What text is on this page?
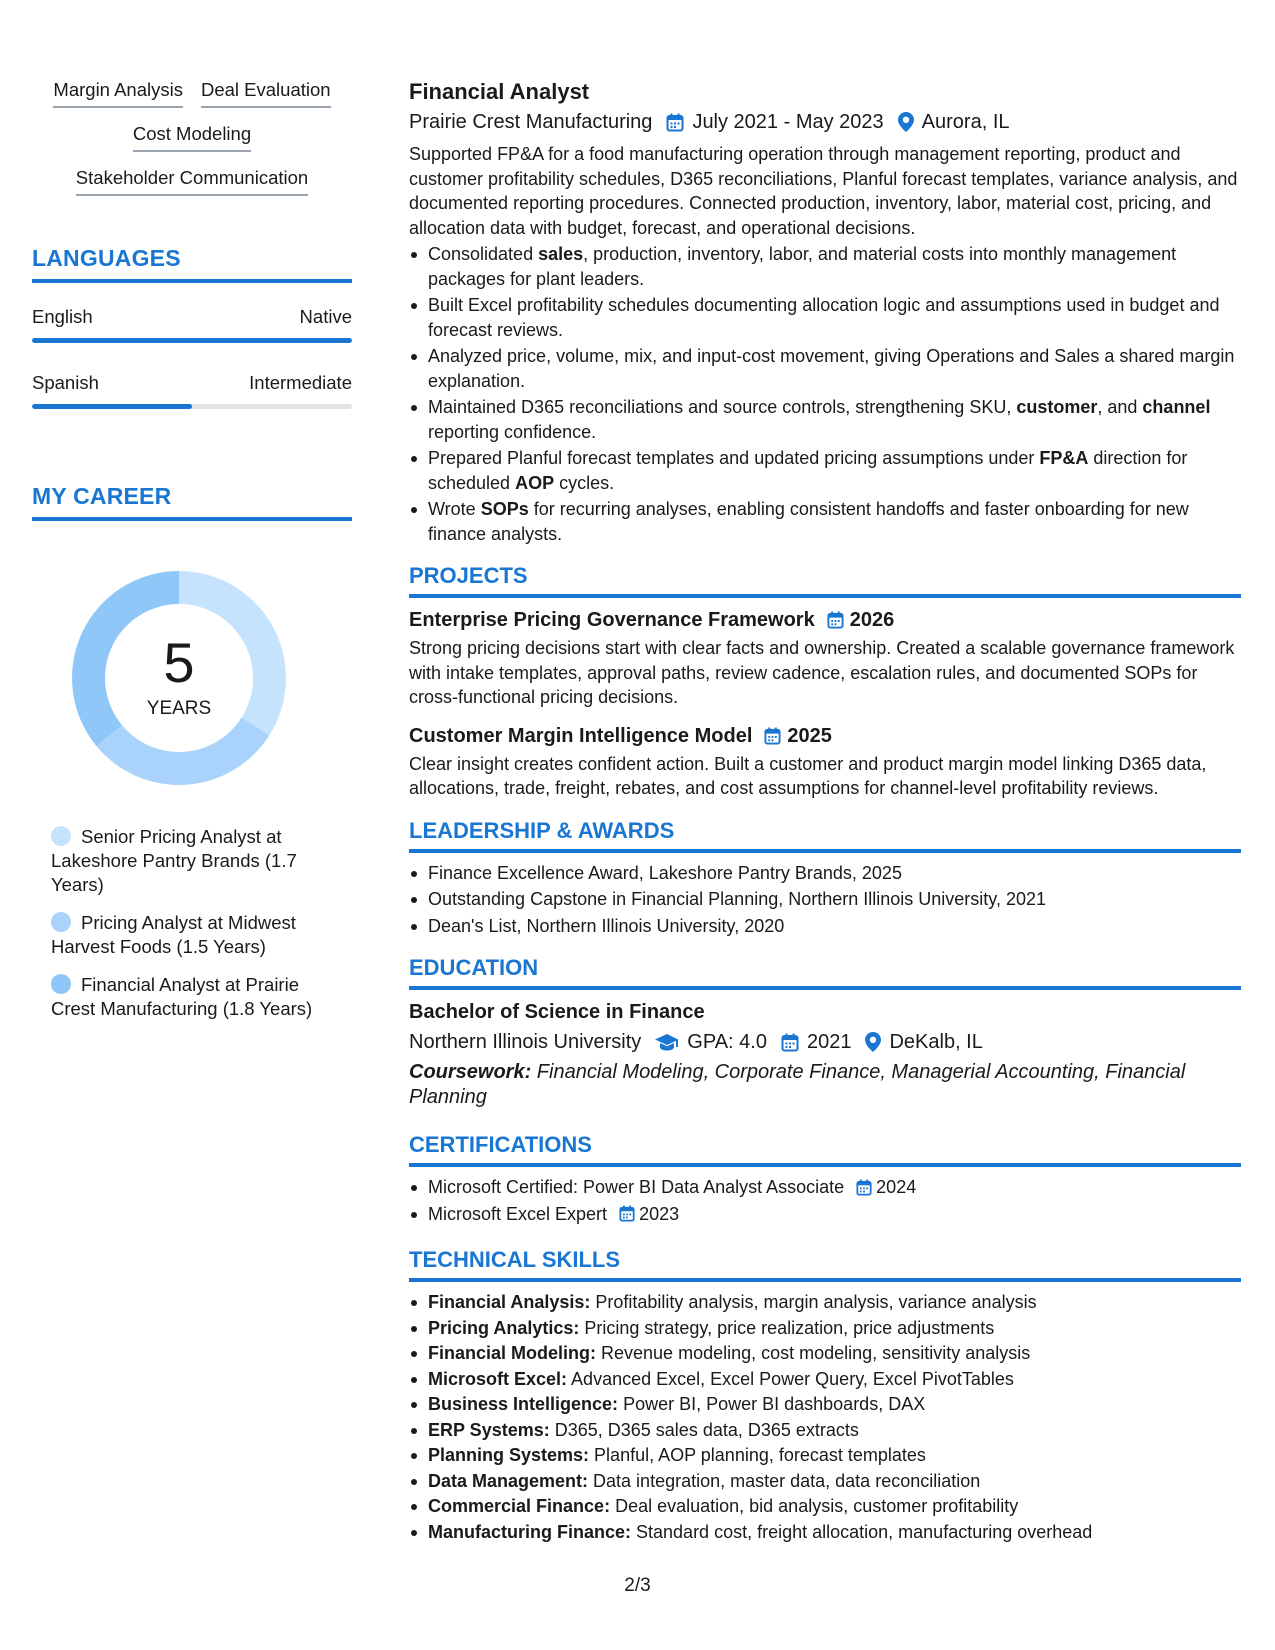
Margin Analysis Deal Evaluation
Cost Modeling
Stakeholder Communication
LANGUAGES
English	Native
Spanish	Intermediate
MY CAREER
5
YEARS
Senior Pricing Analyst at Lakeshore Pantry Brands (1.7 Years)
Pricing Analyst at Midwest Harvest Foods (1.5 Years)
Financial Analyst at Prairie Crest Manufacturing (1.8 Years)
Financial Analyst
Prairie Crest Manufacturing July 2021 - May 2023 Aurora, IL
Supported FP&A for a food manufacturing operation through management reporting, product and customer profitability schedules, D365 reconciliations, Planful forecast templates, variance analysis, and documented reporting procedures. Connected production, inventory, labor, material cost, pricing, and allocation data with budget, forecast, and operational decisions.
Consolidated sales, production, inventory, labor, and material costs into monthly management packages for plant leaders.
Built Excel profitability schedules documenting allocation logic and assumptions used in budget and forecast reviews.
Analyzed price, volume, mix, and input-cost movement, giving Operations and Sales a shared margin explanation.
Maintained D365 reconciliations and source controls, strengthening SKU, customer, and channel reporting confidence.
Prepared Planful forecast templates and updated pricing assumptions under FP&A direction for scheduled AOP cycles.
Wrote SOPs for recurring analyses, enabling consistent handoffs and faster onboarding for new finance analysts.
PROJECTS
Enterprise Pricing Governance Framework 2026
Strong pricing decisions start with clear facts and ownership. Created a scalable governance framework with intake templates, approval paths, review cadence, escalation rules, and documented SOPs for cross-functional pricing decisions.
Customer Margin Intelligence Model 2025
Clear insight creates confident action. Built a customer and product margin model linking D365 data, allocations, trade, freight, rebates, and cost assumptions for channel-level profitability reviews.
LEADERSHIP & AWARDS
Finance Excellence Award, Lakeshore Pantry Brands, 2025
Outstanding Capstone in Financial Planning, Northern Illinois University, 2021
Dean's List, Northern Illinois University, 2020
EDUCATION
Bachelor of Science in Finance
Northern Illinois University GPA: 4.0 2021 DeKalb, IL
Coursework: Financial Modeling, Corporate Finance, Managerial Accounting, Financial Planning
CERTIFICATIONS
Microsoft Certified: Power BI Data Analyst Associate 2024
Microsoft Excel Expert 2023
TECHNICAL SKILLS
Financial Analysis: Profitability analysis, margin analysis, variance analysis
Pricing Analytics: Pricing strategy, price realization, price adjustments
Financial Modeling: Revenue modeling, cost modeling, sensitivity analysis
Microsoft Excel: Advanced Excel, Excel Power Query, Excel PivotTables
Business Intelligence: Power BI, Power BI dashboards, DAX
ERP Systems: D365, D365 sales data, D365 extracts
Planning Systems: Planful, AOP planning, forecast templates
Data Management: Data integration, master data, data reconciliation
Commercial Finance: Deal evaluation, bid analysis, customer profitability
Manufacturing Finance: Standard cost, freight allocation, manufacturing overhead
2/3
